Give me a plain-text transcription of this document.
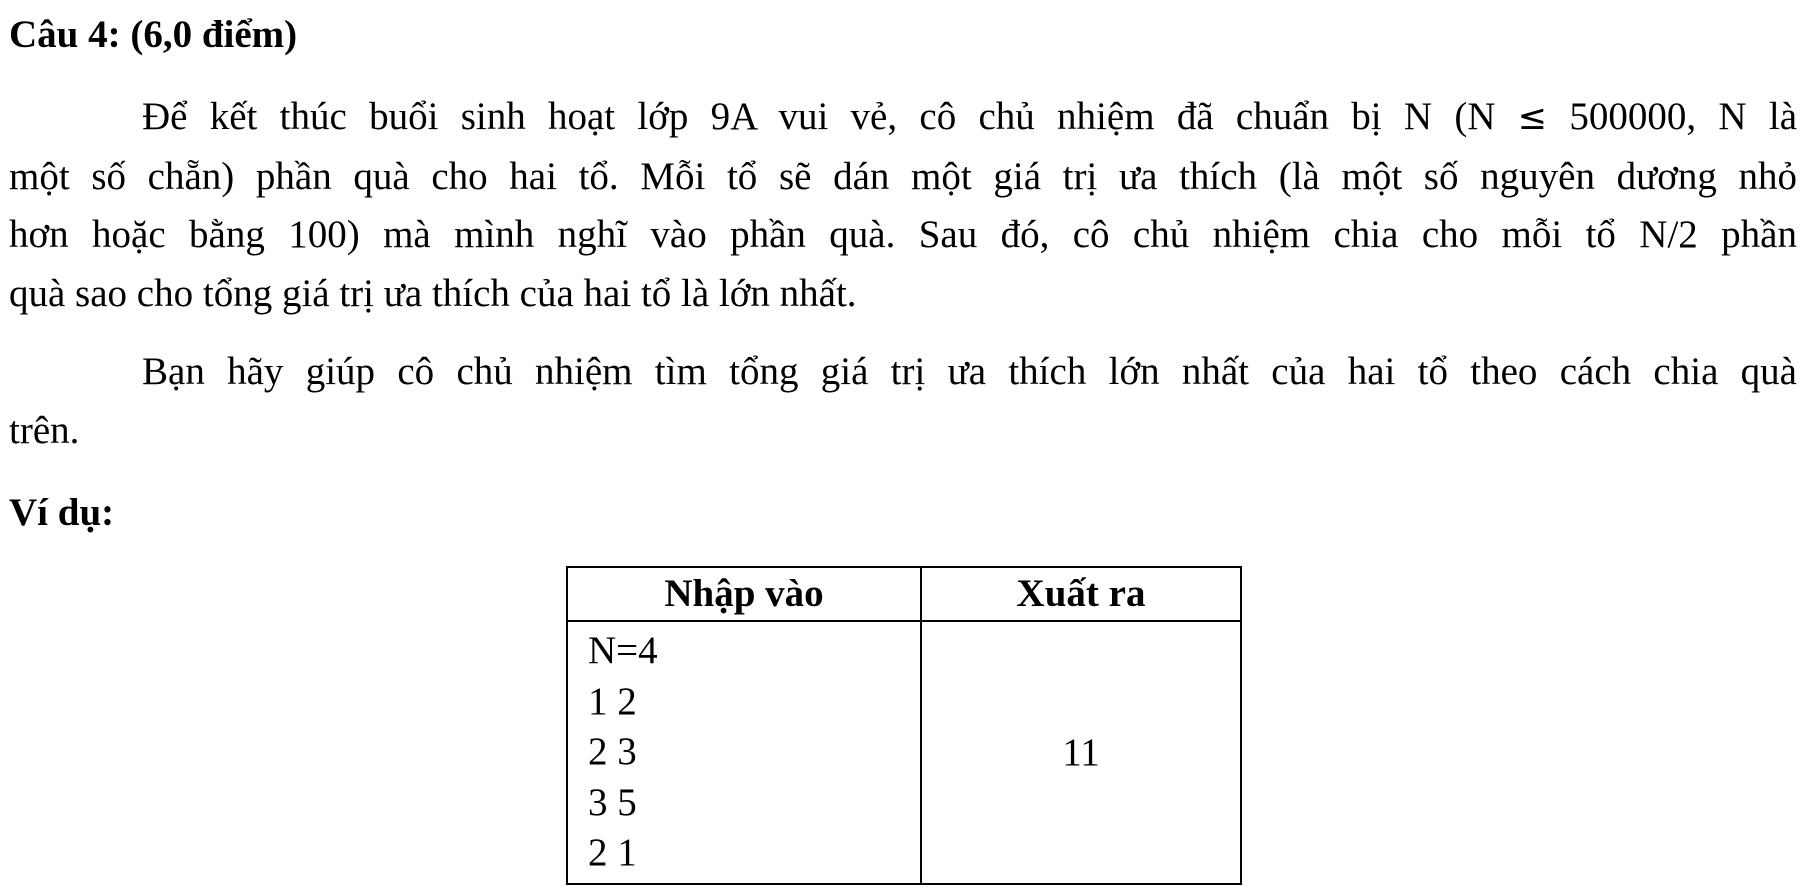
Câu 4: (6,0 điểm)
Để kết thúc buổi sinh hoạt lớp 9A vui vẻ, cô chủ nhiệm đã chuẩn bị N (N ≤ 500000, N là
một số chẵn) phần quà cho hai tổ. Mỗi tổ sẽ dán một giá trị ưa thích (là một số nguyên dương nhỏ
hơn hoặc bằng 100) mà mình nghĩ vào phần quà. Sau đó, cô chủ nhiệm chia cho mỗi tổ N/2 phần
quà sao cho tổng giá trị ưa thích của hai tổ là lớn nhất.
Bạn hãy giúp cô chủ nhiệm tìm tổng giá trị ưa thích lớn nhất của hai tổ theo cách chia quà
trên.
Ví dụ:
Nhập vào	Xuất ra

N=4
1 2
2 3
3 5
2 1	11
